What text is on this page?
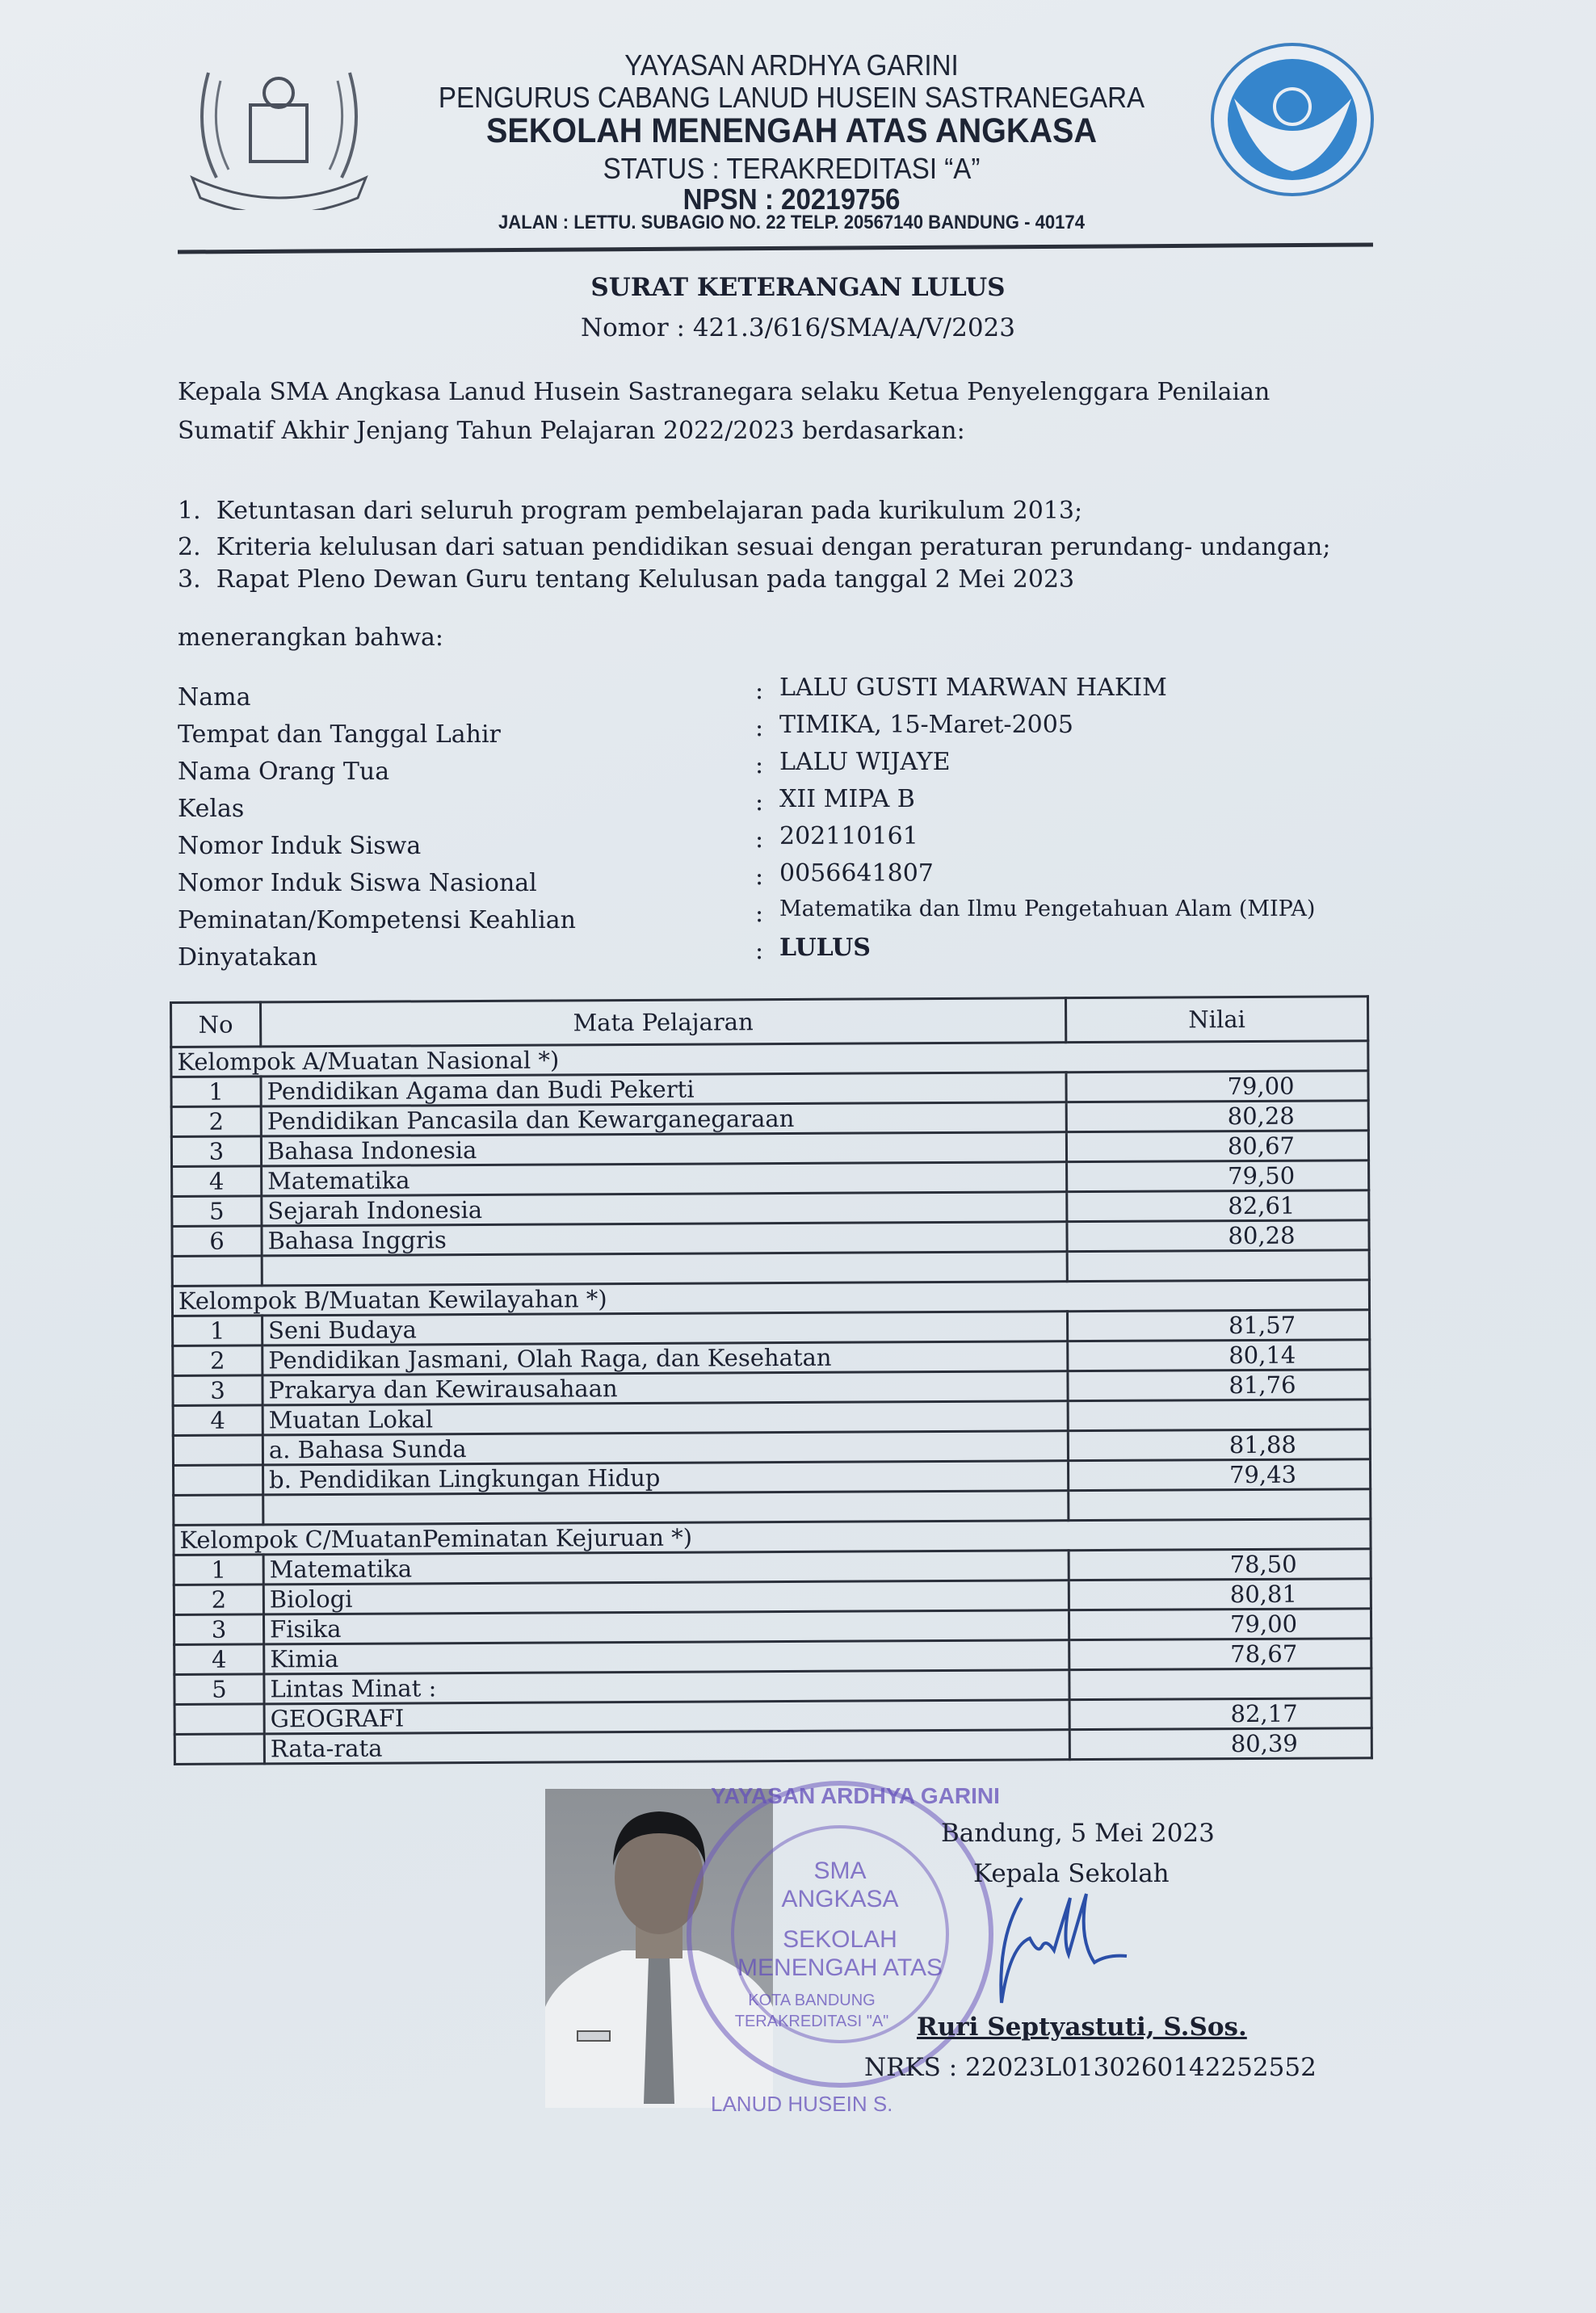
YAYASAN ARDHYA GARINI
PENGURUS CABANG LANUD HUSEIN SASTRANEGARA
SEKOLAH MENENGAH ATAS ANGKASA
STATUS : TERAKREDITASI “A”
NPSN : 20219756
JALAN : LETTU. SUBAGIO NO. 22 TELP. 20567140 BANDUNG - 40174
SURAT KETERANGAN LULUS
Nomor : 421.3/616/SMA/A/V/2023
Kepala SMA Angkasa Lanud Husein Sastranegara selaku Ketua Penyelenggara Penilaian Sumatif Akhir Jenjang Tahun Pelajaran 2022/2023 berdasarkan:
1.  Ketuntasan dari seluruh program pembelajaran pada kurikulum 2013;
2.  Kriteria kelulusan dari satuan pendidikan sesuai dengan peraturan perundang- undangan;
3.  Rapat Pleno Dewan Guru tentang Kelulusan pada tanggal 2 Mei 2023
menerangkan bahwa:
Nama	: LALU GUSTI MARWAN HAKIM
Tempat dan Tanggal Lahir	: TIMIKA, 15-Maret-2005
Nama Orang Tua	: LALU WIJAYE
Kelas	: XII MIPA B
Nomor Induk Siswa	: 202110161
Nomor Induk Siswa Nasional	: 0056641807
Peminatan/Kompetensi Keahlian	: Matematika dan Ilmu Pengetahuan Alam (MIPA)
Dinyatakan	: LULUS
No	Mata Pelajaran	Nilai
Kelompok A/Muatan Nasional *)		
1	Pendidikan Agama dan Budi Pekerti	79,00
2	Pendidikan Pancasila dan Kewarganegaraan	80,28
3	Bahasa Indonesia	80,67
4	Matematika	79,50
5	Sejarah Indonesia	82,61
6	Bahasa Inggris	80,28

Kelompok B/Muatan Kewilayahan *)		
1	Seni Budaya	81,57
2	Pendidikan Jasmani, Olah Raga, dan Kesehatan	80,14
3	Prakarya dan Kewirausahaan	81,76
4	Muatan Lokal	
	a. Bahasa Sunda	81,88
	b. Pendidikan Lingkungan Hidup	79,43

Kelompok C/MuatanPeminatan Kejuruan *)		
1	Matematika	78,50
2	Biologi	80,81
3	Fisika	79,00
4	Kimia	78,67
5	Lintas Minat :	
	GEOGRAFI	82,17
	Rata-rata	80,39
YAYASAN ARDHYA GARINI
SMA
ANGKASA
SEKOLAH
MENENGAH ATAS
KOTA BANDUNG
TERAKREDITASI "A"
LANUD HUSEIN S.
Bandung, 5 Mei 2023
Kepala Sekolah
Ruri Septyastuti, S.Sos.
NRKS : 22023L0130260142252552
